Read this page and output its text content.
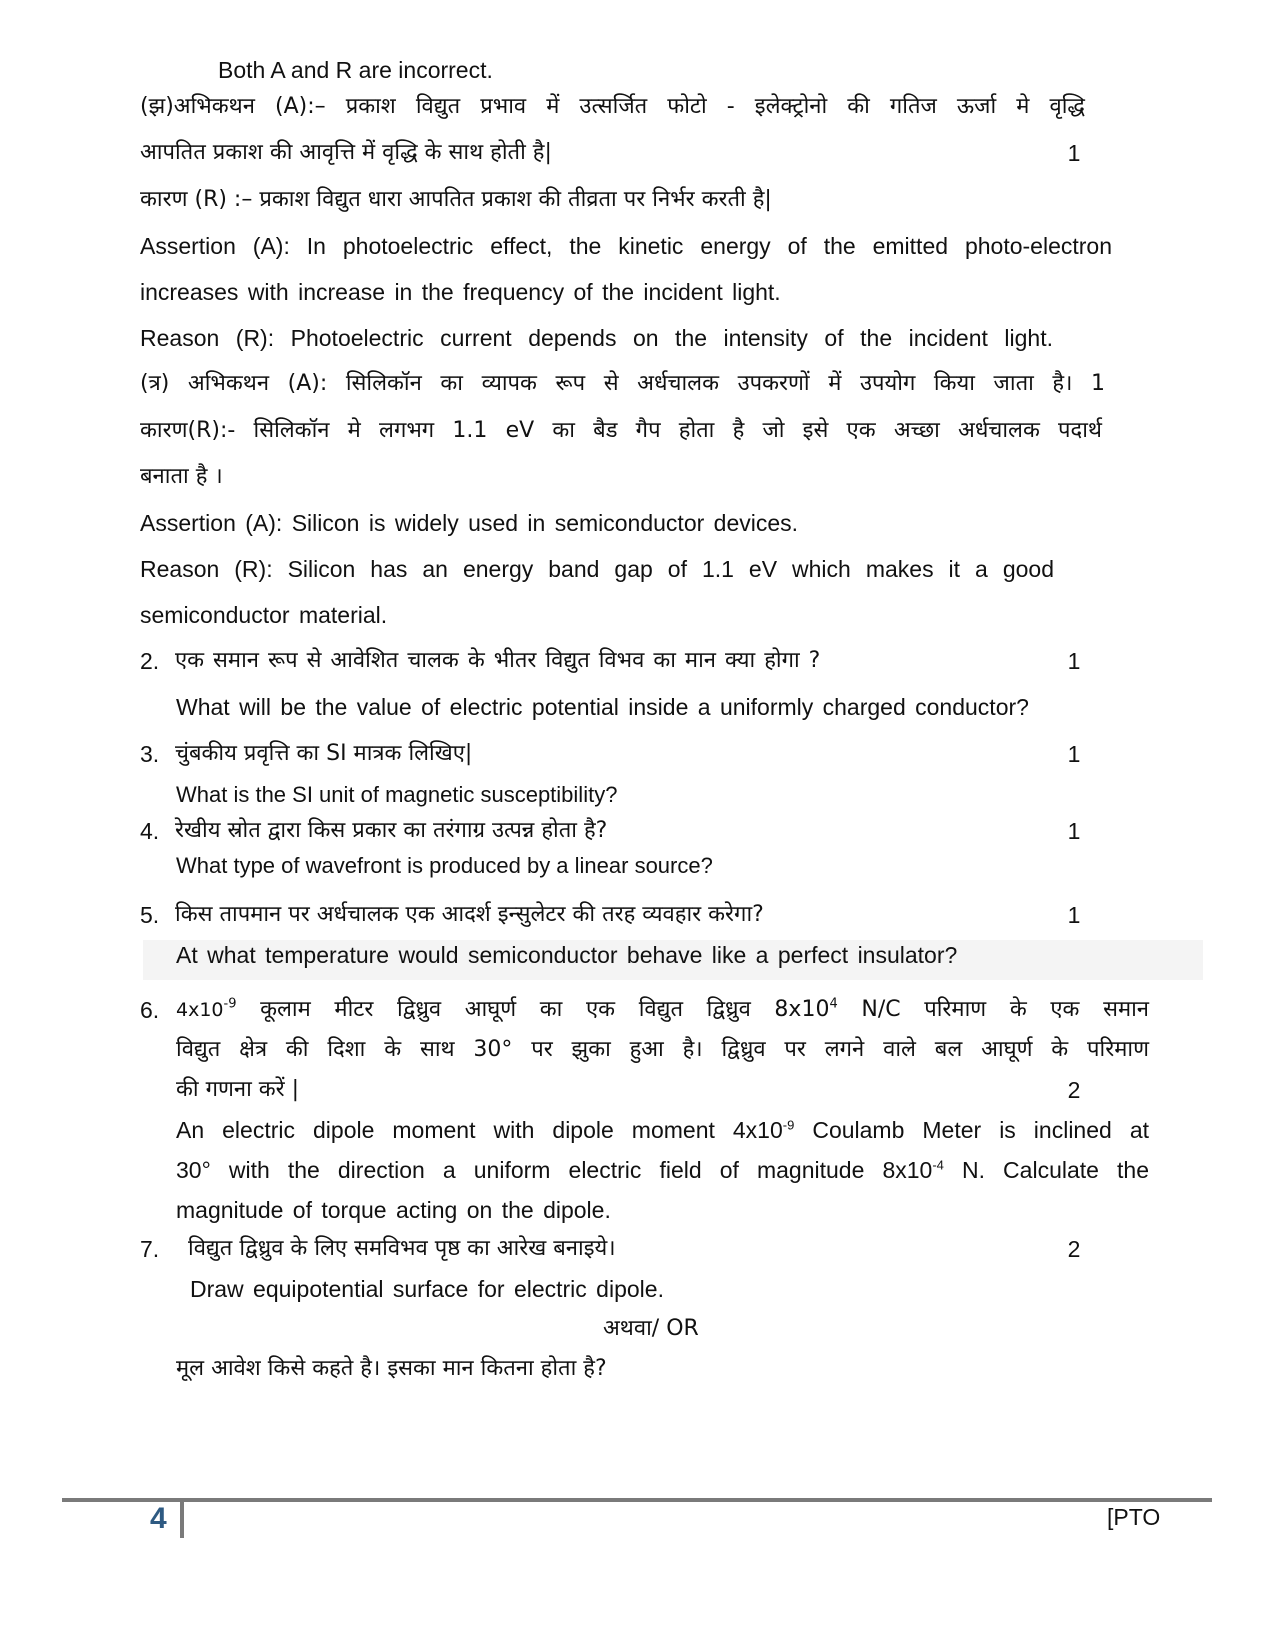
Both A and R are incorrect.
(झ)अभिकथन (A):– प्रकाश विद्युत प्रभाव में उत्सर्जित फोटो - इलेक्ट्रोनो की गतिज ऊर्जा मे वृद्धि
आपतित प्रकाश की आवृत्ति में वृद्धि के साथ होती है|	1
कारण (R) :– प्रकाश विद्युत धारा आपतित प्रकाश की तीव्रता पर निर्भर करती है|
Assertion (A): In photoelectric effect, the kinetic energy of the emitted photo-electron
increases with increase in the frequency of the incident light.
Reason (R): Photoelectric current depends on the intensity of the incident light.
(त्र) अभिकथन (A): सिलिकॉन का व्यापक रूप से अर्धचालक उपकरणों में उपयोग किया जाता है। 1
कारण(R):- सिलिकॉन मे लगभग 1.1 eV का बैड गैप होता है जो इसे एक अच्छा अर्धचालक पदार्थ
बनाता है ।
Assertion (A): Silicon is widely used in semiconductor devices.
Reason (R): Silicon has an energy band gap of 1.1 eV which makes it a good
semiconductor material.
2. एक समान रूप से आवेशित चालक के भीतर विद्युत विभव का मान क्या होगा ?	1
What will be the value of electric potential inside a uniformly charged conductor?
3. चुंबकीय प्रवृत्ति का SI मात्रक लिखिए|	1
What is the SI unit of magnetic susceptibility?
4. रेखीय स्रोत द्वारा किस प्रकार का तरंगाग्र उत्पन्न होता है?	1
What type of wavefront is produced by a linear source?
5. किस तापमान पर अर्धचालक एक आदर्श इन्सुलेटर की तरह व्यवहार करेगा?	1
At what temperature would semiconductor behave like a perfect insulator?
6. $4x10^{-9}$ कूलाम मीटर द्विध्रुव आघूर्ण का एक विद्युत द्विध्रुव $8x10^4$ N/C परिमाण के एक समान
विद्युत क्षेत्र की दिशा के साथ 30° पर झुका हुआ है। द्विध्रुव पर लगने वाले बल आघूर्ण के परिमाण
की गणना करें |	2
An electric dipole moment with dipole moment $4x10^{-9}$ Coulamb Meter is inclined at
30° with the direction a uniform electric field of magnitude $8x10^{-4}$ N. Calculate the
magnitude of torque acting on the dipole.
7. विद्युत द्विध्रुव के लिए समविभव पृष्ठ का आरेख बनाइये।	2
Draw equipotential surface for electric dipole.
अथवा/ OR
मूल आवेश किसे कहते है। इसका मान कितना होता है?
4	[PTO
